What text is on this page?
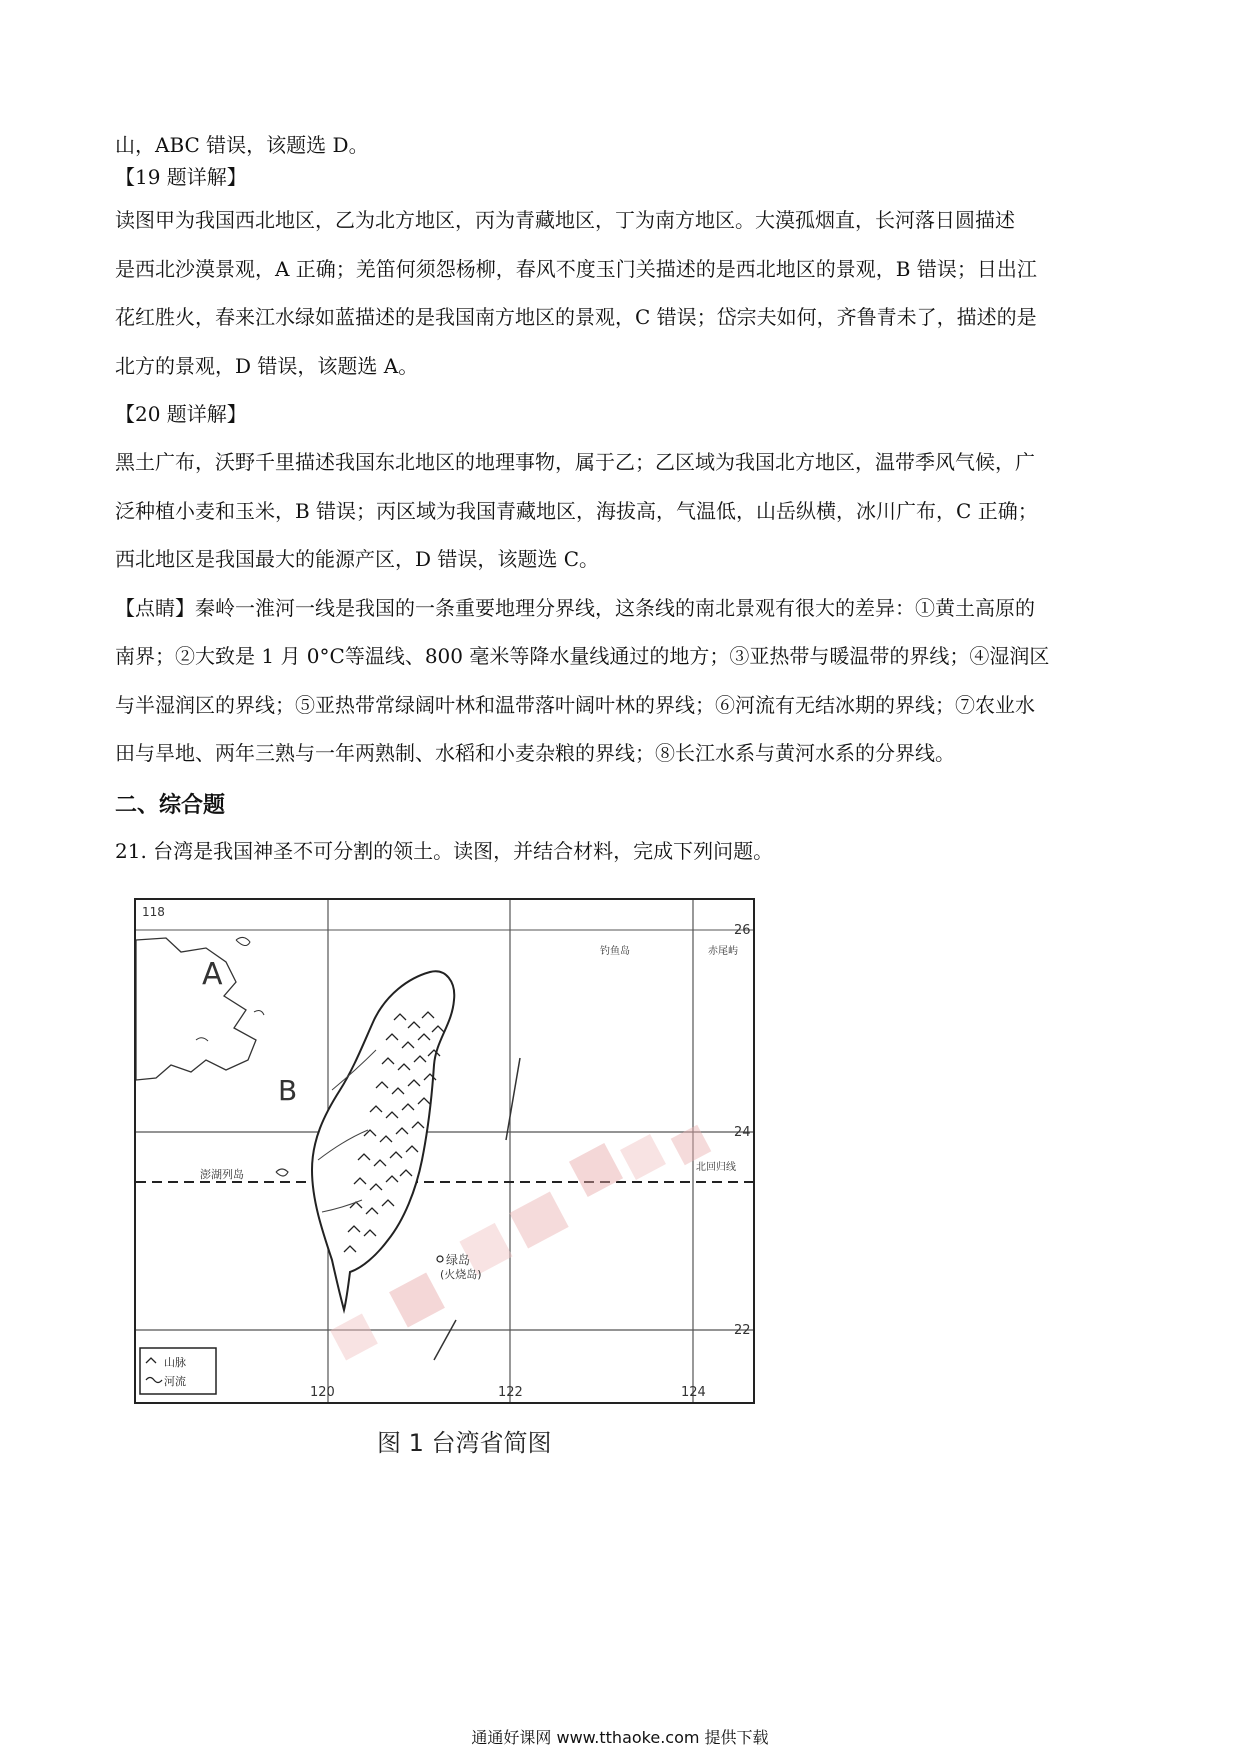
山，ABC 错误，该题选 D。
【19 题详解】
读图甲为我国西北地区，乙为北方地区，丙为青藏地区，丁为南方地区。大漠孤烟直，长河落日圆描述
是西北沙漠景观，A 正确；羌笛何须怨杨柳，春风不度玉门关描述的是西北地区的景观，B 错误；日出江
花红胜火，春来江水绿如蓝描述的是我国南方地区的景观，C 错误；岱宗夫如何，齐鲁青未了，描述的是
北方的景观，D 错误，该题选 A。
【20 题详解】
黑土广布，沃野千里描述我国东北地区的地理事物，属于乙；乙区域为我国北方地区，温带季风气候，广
泛种植小麦和玉米，B 错误；丙区域为我国青藏地区，海拔高，气温低，山岳纵横，冰川广布，C 正确；
西北地区是我国最大的能源产区，D 错误，该题选 C。
【点睛】秦岭一淮河一线是我国的一条重要地理分界线，这条线的南北景观有很大的差异：①黄土高原的
南界；②大致是 1 月 0°C等温线、800 毫米等降水量线通过的地方；③亚热带与暖温带的界线；④湿润区
与半湿润区的界线；⑤亚热带常绿阔叶林和温带落叶阔叶林的界线；⑥河流有无结冰期的界线；⑦农业水
田与旱地、两年三熟与一年两熟制、水稻和小麦杂粮的界线；⑧长江水系与黄河水系的分界线。
二、综合题
21. 台湾是我国神圣不可分割的领土。读图，并结合材料，完成下列问题。
118
120	122	124
26
24
22
A
B
澎湖列岛
钓鱼岛	赤尾屿
北回归线
绿岛
(火烧岛)
山脉
河流
图 1 台湾省简图
通通好课网 www.tthaoke.com 提供下载
